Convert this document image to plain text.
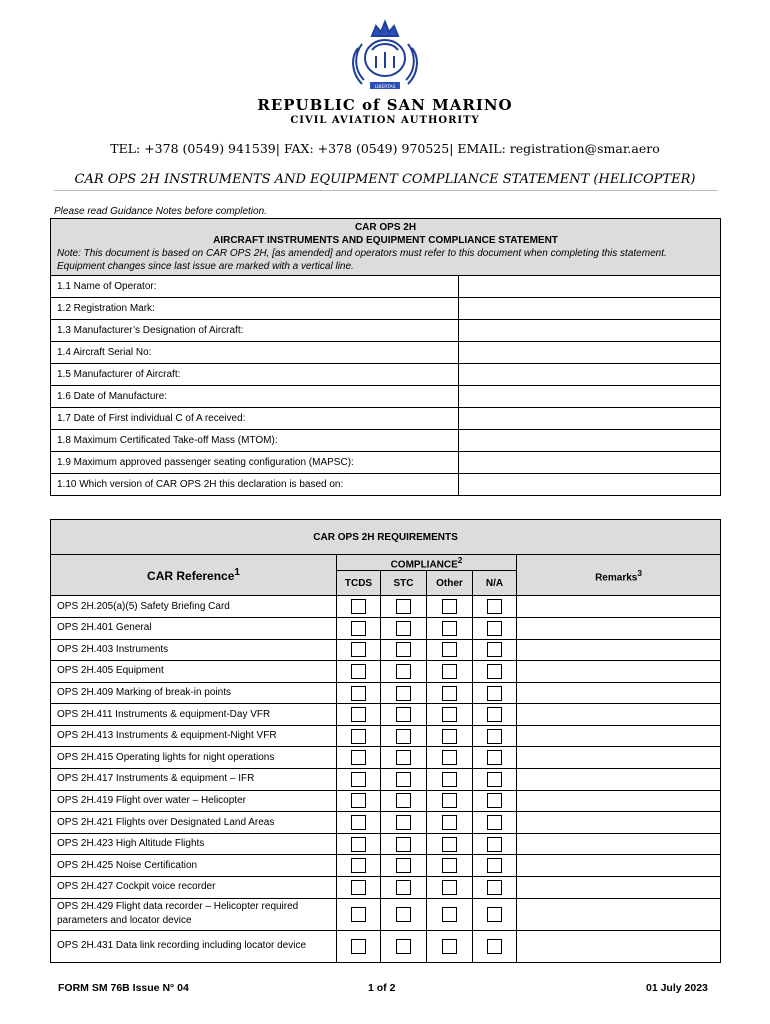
LIBERTAS
REPUBLIC of SAN MARINO
CIVIL AVIATION AUTHORITY
TEL: +378 (0549) 941539| FAX: +378 (0549) 970525| EMAIL: registration@smar.aero
CAR OPS 2H INSTRUMENTS AND EQUIPMENT COMPLIANCE STATEMENT (HELICOPTER)
Please read Guidance Notes before completion.
CAR OPS 2H
AIRCRAFT INSTRUMENTS AND EQUIPMENT COMPLIANCE STATEMENT
Note: This document is based on CAR OPS 2H, [as amended] and operators must refer to this document when completing this statement. Equipment changes since last issue are marked with a vertical line.	

1.1 Name of Operator:	
1.2 Registration Mark:	
1.3 Manufacturer’s Designation of Aircraft:	
1.4 Aircraft Serial No:	
1.5 Manufacturer of Aircraft:	
1.6 Date of Manufacture:	
1.7 Date of First individual C of A received:	
1.8 Maximum Certificated Take-off Mass (MTOM):	
1.9 Maximum approved passenger seating configuration (MAPSC):	
1.10 Which version of CAR OPS 2H this declaration is based on:	
CAR OPS 2H REQUIREMENTS					
CAR Reference$^1$	COMPLIANCE$^2$				Remarks$^3$
	TCDS	STC	Other	N/A	
OPS 2H.205(a)(5) Safety Briefing Card					
OPS 2H.401 General					
OPS 2H.403 Instruments					
OPS 2H.405 Equipment					
OPS 2H.409 Marking of break-in points					
OPS 2H.411 Instruments & equipment-Day VFR					
OPS 2H.413 Instruments & equipment-Night VFR					
OPS 2H.415 Operating lights for night operations					
OPS 2H.417 Instruments & equipment – IFR					
OPS 2H.419 Flight over water – Helicopter					
OPS 2H.421 Flights over Designated Land Areas					
OPS 2H.423 High Altitude Flights					
OPS 2H.425 Noise Certification					
OPS 2H.427 Cockpit voice recorder					
OPS 2H.429 Flight data recorder – Helicopter required parameters and locator device					
OPS 2H.431 Data link recording including locator device					
FORM SM 76B Issue N° 04	1 of 2	01 July 2023
